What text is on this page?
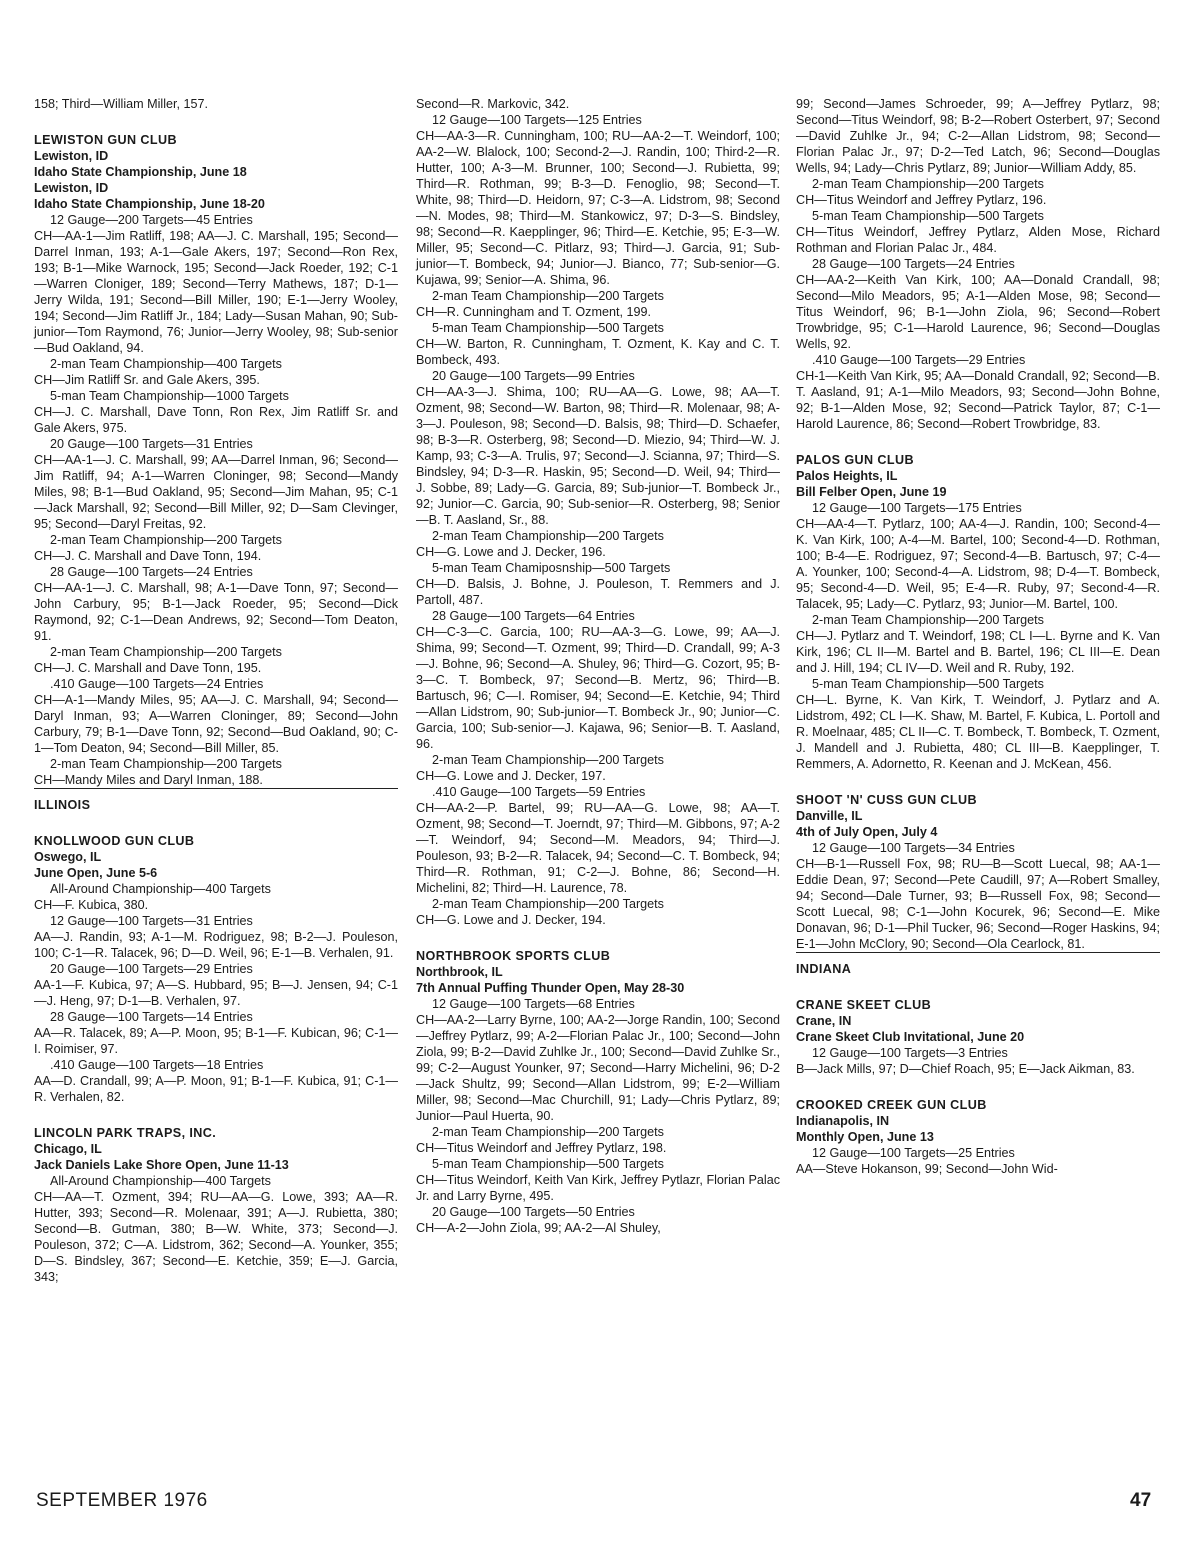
158; Third—William Miller, 157.

LEWISTON GUN CLUB

Lewiston, ID

Idaho State Championship, June 18

Lewiston, ID

Idaho State Championship, June 18-20

12 Gauge—200 Targets—45 Entries

CH—AA-1—Jim Ratliff, 198; AA—J. C. Marshall, 195; Second—Darrel Inman, 193; A-1—Gale Akers, 197; Second—Ron Rex, 193; B-1—Mike Warnock, 195; Second—Jack Roeder, 192; C-1—Warren Cloniger, 189; Second—Terry Mathews, 187; D-1—Jerry Wilda, 191; Second—Bill Miller, 190; E-1—Jerry Wooley, 194; Second—Jim Ratliff Jr., 184; Lady—Susan Mahan, 90; Sub-junior—Tom Raymond, 76; Junior—Jerry Wooley, 98; Sub-senior—Bud Oakland, 94.

2-man Team Championship—400 Targets

CH—Jim Ratliff Sr. and Gale Akers, 395.

5-man Team Championship—1000 Targets

CH—J. C. Marshall, Dave Tonn, Ron Rex, Jim Ratliff Sr. and Gale Akers, 975.

20 Gauge—100 Targets—31 Entries

CH—AA-1—J. C. Marshall, 99; AA—Darrel Inman, 96; Second—Jim Ratliff, 94; A-1—Warren Cloninger, 98; Second—Mandy Miles, 98; B-1—Bud Oakland, 95; Second—Jim Mahan, 95; C-1—Jack Marshall, 92; Second—Bill Miller, 92; D—Sam Clevinger, 95; Second—Daryl Freitas, 92.

2-man Team Championship—200 Targets

CH—J. C. Marshall and Dave Tonn, 194.

28 Gauge—100 Targets—24 Entries

CH—AA-1—J. C. Marshall, 98; A-1—Dave Tonn, 97; Second—John Carbury, 95; B-1—Jack Roeder, 95; Second—Dick Raymond, 92; C-1—Dean Andrews, 92; Second—Tom Deaton, 91.

2-man Team Championship—200 Targets

CH—J. C. Marshall and Dave Tonn, 195.

.410 Gauge—100 Targets—24 Entries

CH—A-1—Mandy Miles, 95; AA—J. C. Marshall, 94; Second—Daryl Inman, 93; A—Warren Cloninger, 89; Second—John Carbury, 79; B-1—Dave Tonn, 92; Second—Bud Oakland, 90; C-1—Tom Deaton, 94; Second—Bill Miller, 85.

2-man Team Championship—200 Targets

CH—Mandy Miles and Daryl Inman, 188.

ILLINOIS

KNOLLWOOD GUN CLUB

Oswego, IL

June Open, June 5-6

All-Around Championship—400 Targets

CH—F. Kubica, 380.

12 Gauge—100 Targets—31 Entries

AA—J. Randin, 93; A-1—M. Rodriguez, 98; B-2—J. Pouleson, 100; C-1—R. Talacek, 96; D—D. Weil, 96; E-1—B. Verhalen, 91.

20 Gauge—100 Targets—29 Entries

AA-1—F. Kubica, 97; A—S. Hubbard, 95; B—J. Jensen, 94; C-1—J. Heng, 97; D-1—B. Verhalen, 97.

28 Gauge—100 Targets—14 Entries

AA—R. Talacek, 89; A—P. Moon, 95; B-1—F. Kubican, 96; C-1—I. Roimiser, 97.

.410 Gauge—100 Targets—18 Entries

AA—D. Crandall, 99; A—P. Moon, 91; B-1—F. Kubica, 91; C-1—R. Verhalen, 82.

LINCOLN PARK TRAPS, INC.

Chicago, IL

Jack Daniels Lake Shore Open, June 11-13

All-Around Championship—400 Targets

CH—AA—T. Ozment, 394; RU—AA—G. Lowe, 393; AA—R. Hutter, 393; Second—R. Molenaar, 391; A—J. Rubietta, 380; Second—B. Gutman, 380; B—W. White, 373; Second—J. Pouleson, 372; C—A. Lidstrom, 362; Second—A. Younker, 355; D—S. Bindsley, 367; Second—E. Ketchie, 359; E—J. Garcia, 343;

Second—R. Markovic, 342.

12 Gauge—100 Targets—125 Entries

CH—AA-3—R. Cunningham, 100; RU—AA-2—T. Weindorf, 100; AA-2—W. Blalock, 100; Second-2—J. Randin, 100; Third-2—R. Hutter, 100; A-3—M. Brunner, 100; Second—J. Rubietta, 99; Third—R. Rothman, 99; B-3—D. Fenoglio, 98; Second—T. White, 98; Third—D. Heidorn, 97; C-3—A. Lidstrom, 98; Second—N. Modes, 98; Third—M. Stankowicz, 97; D-3—S. Bindsley, 98; Second—R. Kaepplinger, 96; Third—E. Ketchie, 95; E-3—W. Miller, 95; Second—C. Pitlarz, 93; Third—J. Garcia, 91; Sub-junior—T. Bombeck, 94; Junior—J. Bianco, 77; Sub-senior—G. Kujawa, 99; Senior—A. Shima, 96.

2-man Team Championship—200 Targets

CH—R. Cunningham and T. Ozment, 199.

5-man Team Championship—500 Targets

CH—W. Barton, R. Cunningham, T. Ozment, K. Kay and C. T. Bombeck, 493.

20 Gauge—100 Targets—99 Entries

CH—AA-3—J. Shima, 100; RU—AA—G. Lowe, 98; AA—T. Ozment, 98; Second—W. Barton, 98; Third—R. Molenaar, 98; A-3—J. Pouleson, 98; Second—D. Balsis, 98; Third—D. Schaefer, 98; B-3—R. Osterberg, 98; Second—D. Miezio, 94; Third—W. J. Kamp, 93; C-3—A. Trulis, 97; Second—J. Scianna, 97; Third—S. Bindsley, 94; D-3—R. Haskin, 95; Second—D. Weil, 94; Third—J. Sobbe, 89; Lady—G. Garcia, 89; Sub-junior—T. Bombeck Jr., 92; Junior—C. Garcia, 90; Sub-senior—R. Osterberg, 98; Senior—B. T. Aasland, Sr., 88.

2-man Team Championship—200 Targets

CH—G. Lowe and J. Decker, 196.

5-man Team Chamiposnship—500 Targets

CH—D. Balsis, J. Bohne, J. Pouleson, T. Remmers and J. Partoll, 487.

28 Gauge—100 Targets—64 Entries

CH—C-3—C. Garcia, 100; RU—AA-3—G. Lowe, 99; AA—J. Shima, 99; Second—T. Ozment, 99; Third—D. Crandall, 99; A-3—J. Bohne, 96; Second—A. Shuley, 96; Third—G. Cozort, 95; B-3—C. T. Bombeck, 97; Second—B. Mertz, 96; Third—B. Bartusch, 96; C—I. Romiser, 94; Second—E. Ketchie, 94; Third—Allan Lidstrom, 90; Sub-junior—T. Bombeck Jr., 90; Junior—C. Garcia, 100; Sub-senior—J. Kajawa, 96; Senior—B. T. Aasland, 96.

2-man Team Championship—200 Targets

CH—G. Lowe and J. Decker, 197.

.410 Gauge—100 Targets—59 Entries

CH—AA-2—P. Bartel, 99; RU—AA—G. Lowe, 98; AA—T. Ozment, 98; Second—T. Joerndt, 97; Third—M. Gibbons, 97; A-2—T. Weindorf, 94; Second—M. Meadors, 94; Third—J. Pouleson, 93; B-2—R. Talacek, 94; Second—C. T. Bombeck, 94; Third—R. Rothman, 91; C-2—J. Bohne, 86; Second—H. Michelini, 82; Third—H. Laurence, 78.

2-man Team Championship—200 Targets

CH—G. Lowe and J. Decker, 194.

NORTHBROOK SPORTS CLUB

Northbrook, IL

7th Annual Puffing Thunder Open, May 28-30

12 Gauge—100 Targets—68 Entries

CH—AA-2—Larry Byrne, 100; AA-2—Jorge Randin, 100; Second—Jeffrey Pytlarz, 99; A-2—Florian Palac Jr., 100; Second—John Ziola, 99; B-2—David Zuhlke Jr., 100; Second—David Zuhlke Sr., 99; C-2—August Younker, 97; Second—Harry Michelini, 96; D-2—Jack Shultz, 99; Second—Allan Lidstrom, 99; E-2—William Miller, 98; Second—Mac Churchill, 91; Lady—Chris Pytlarz, 89; Junior—Paul Huerta, 90.

2-man Team Championship—200 Targets

CH—Titus Weindorf and Jeffrey Pytlarz, 198.

5-man Team Championship—500 Targets

CH—Titus Weindorf, Keith Van Kirk, Jeffrey Pytlazr, Florian Palac Jr. and Larry Byrne, 495.

20 Gauge—100 Targets—50 Entries

CH—A-2—John Ziola, 99; AA-2—Al Shuley,

99; Second—James Schroeder, 99; A—Jeffrey Pytlarz, 98; Second—Titus Weindorf, 98; B-2—Robert Osterbert, 97; Second—David Zuhlke Jr., 94; C-2—Allan Lidstrom, 98; Second—Florian Palac Jr., 97; D-2—Ted Latch, 96; Second—Douglas Wells, 94; Lady—Chris Pytlarz, 89; Junior—William Addy, 85.

2-man Team Championship—200 Targets

CH—Titus Weindorf and Jeffrey Pytlarz, 196.

5-man Team Championship—500 Targets

CH—Titus Weindorf, Jeffrey Pytlarz, Alden Mose, Richard Rothman and Florian Palac Jr., 484.

28 Gauge—100 Targets—24 Entries

CH—AA-2—Keith Van Kirk, 100; AA—Donald Crandall, 98; Second—Milo Meadors, 95; A-1—Alden Mose, 98; Second—Titus Weindorf, 96; B-1—John Ziola, 96; Second—Robert Trowbridge, 95; C-1—Harold Laurence, 96; Second—Douglas Wells, 92.

.410 Gauge—100 Targets—29 Entries

CH-1—Keith Van Kirk, 95; AA—Donald Crandall, 92; Second—B. T. Aasland, 91; A-1—Milo Meadors, 93; Second—John Bohne, 92; B-1—Alden Mose, 92; Second—Patrick Taylor, 87; C-1—Harold Laurence, 86; Second—Robert Trowbridge, 83.

PALOS GUN CLUB

Palos Heights, IL

Bill Felber Open, June 19

12 Gauge—100 Targets—175 Entries

CH—AA-4—T. Pytlarz, 100; AA-4—J. Randin, 100; Second-4—K. Van Kirk, 100; A-4—M. Bartel, 100; Second-4—D. Rothman, 100; B-4—E. Rodriguez, 97; Second-4—B. Bartusch, 97; C-4—A. Younker, 100; Second-4—A. Lidstrom, 98; D-4—T. Bombeck, 95; Second-4—D. Weil, 95; E-4—R. Ruby, 97; Second-4—R. Talacek, 95; Lady—C. Pytlarz, 93; Junior—M. Bartel, 100.

2-man Team Championship—200 Targets

CH—J. Pytlarz and T. Weindorf, 198; CL I—L. Byrne and K. Van Kirk, 196; CL II—M. Bartel and B. Bartel, 196; CL III—E. Dean and J. Hill, 194; CL IV—D. Weil and R. Ruby, 192.

5-man Team Championship—500 Targets

CH—L. Byrne, K. Van Kirk, T. Weindorf, J. Pytlarz and A. Lidstrom, 492; CL I—K. Shaw, M. Bartel, F. Kubica, L. Portoll and R. Moelnaar, 485; CL II—C. T. Bombeck, T. Bombeck, T. Ozment, J. Mandell and J. Rubietta, 480; CL III—B. Kaepplinger, T. Remmers, A. Adornetto, R. Keenan and J. McKean, 456.

SHOOT 'N' CUSS GUN CLUB

Danville, IL

4th of July Open, July 4

12 Gauge—100 Targets—34 Entries

CH—B-1—Russell Fox, 98; RU—B—Scott Luecal, 98; AA-1—Eddie Dean, 97; Second—Pete Caudill, 97; A—Robert Smalley, 94; Second—Dale Turner, 93; B—Russell Fox, 98; Second—Scott Luecal, 98; C-1—John Kocurek, 96; Second—E. Mike Donavan, 96; D-1—Phil Tucker, 96; Second—Roger Haskins, 94; E-1—John McClory, 90; Second—Ola Cearlock, 81.

INDIANA

CRANE SKEET CLUB

Crane, IN

Crane Skeet Club Invitational, June 20

12 Gauge—100 Targets—3 Entries

B—Jack Mills, 97; D—Chief Roach, 95; E—Jack Aikman, 83.

CROOKED CREEK GUN CLUB

Indianapolis, IN

Monthly Open, June 13

12 Gauge—100 Targets—25 Entries

AA—Steve Hokanson, 99; Second—John Wid-

SEPTEMBER 1976	47
